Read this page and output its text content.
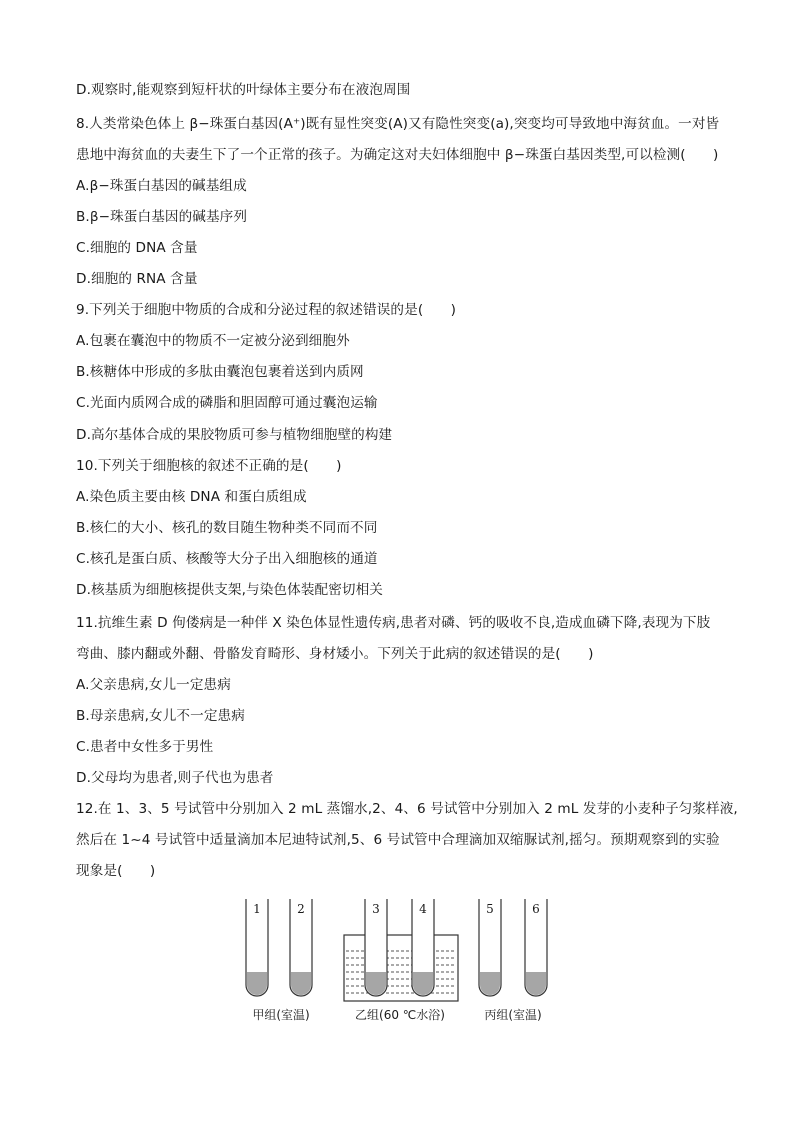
D.观察时,能观察到短杆状的叶绿体主要分布在液泡周围
8.人类常染色体上 β−珠蛋白基因(A⁺)既有显性突变(A)又有隐性突变(a),突变均可导致地中海贫血。一对皆
患地中海贫血的夫妻生下了一个正常的孩子。为确定这对夫妇体细胞中 β−珠蛋白基因类型,可以检测(　　)
A.β−珠蛋白基因的碱基组成
B.β−珠蛋白基因的碱基序列
C.细胞的 DNA 含量
D.细胞的 RNA 含量
9.下列关于细胞中物质的合成和分泌过程的叙述错误的是(　　)
A.包裹在囊泡中的物质不一定被分泌到细胞外
B.核糖体中形成的多肽由囊泡包裹着送到内质网
C.光面内质网合成的磷脂和胆固醇可通过囊泡运输
D.高尔基体合成的果胶物质可参与植物细胞壁的构建
10.下列关于细胞核的叙述不正确的是(　　)
A.染色质主要由核 DNA 和蛋白质组成
B.核仁的大小、核孔的数目随生物种类不同而不同
C.核孔是蛋白质、核酸等大分子出入细胞核的通道
D.核基质为细胞核提供支架,与染色体装配密切相关
11.抗维生素 D 佝偻病是一种伴 X 染色体显性遗传病,患者对磷、钙的吸收不良,造成血磷下降,表现为下肢
弯曲、膝内翻或外翻、骨骼发育畸形、身材矮小。下列关于此病的叙述错误的是(　　)
A.父亲患病,女儿一定患病
B.母亲患病,女儿不一定患病
C.患者中女性多于男性
D.父母均为患者,则子代也为患者
12.在 1、3、5 号试管中分别加入 2 mL 蒸馏水,2、4、6 号试管中分别加入 2 mL 发芽的小麦种子匀浆样液,
然后在 1~4 号试管中适量滴加本尼迪特试剂,5、6 号试管中合理滴加双缩脲试剂,摇匀。预期观察到的实验
现象是(　　)
1	2	3	4	5	6
甲组(室温)	乙组(60 ℃水浴)	丙组(室温)
